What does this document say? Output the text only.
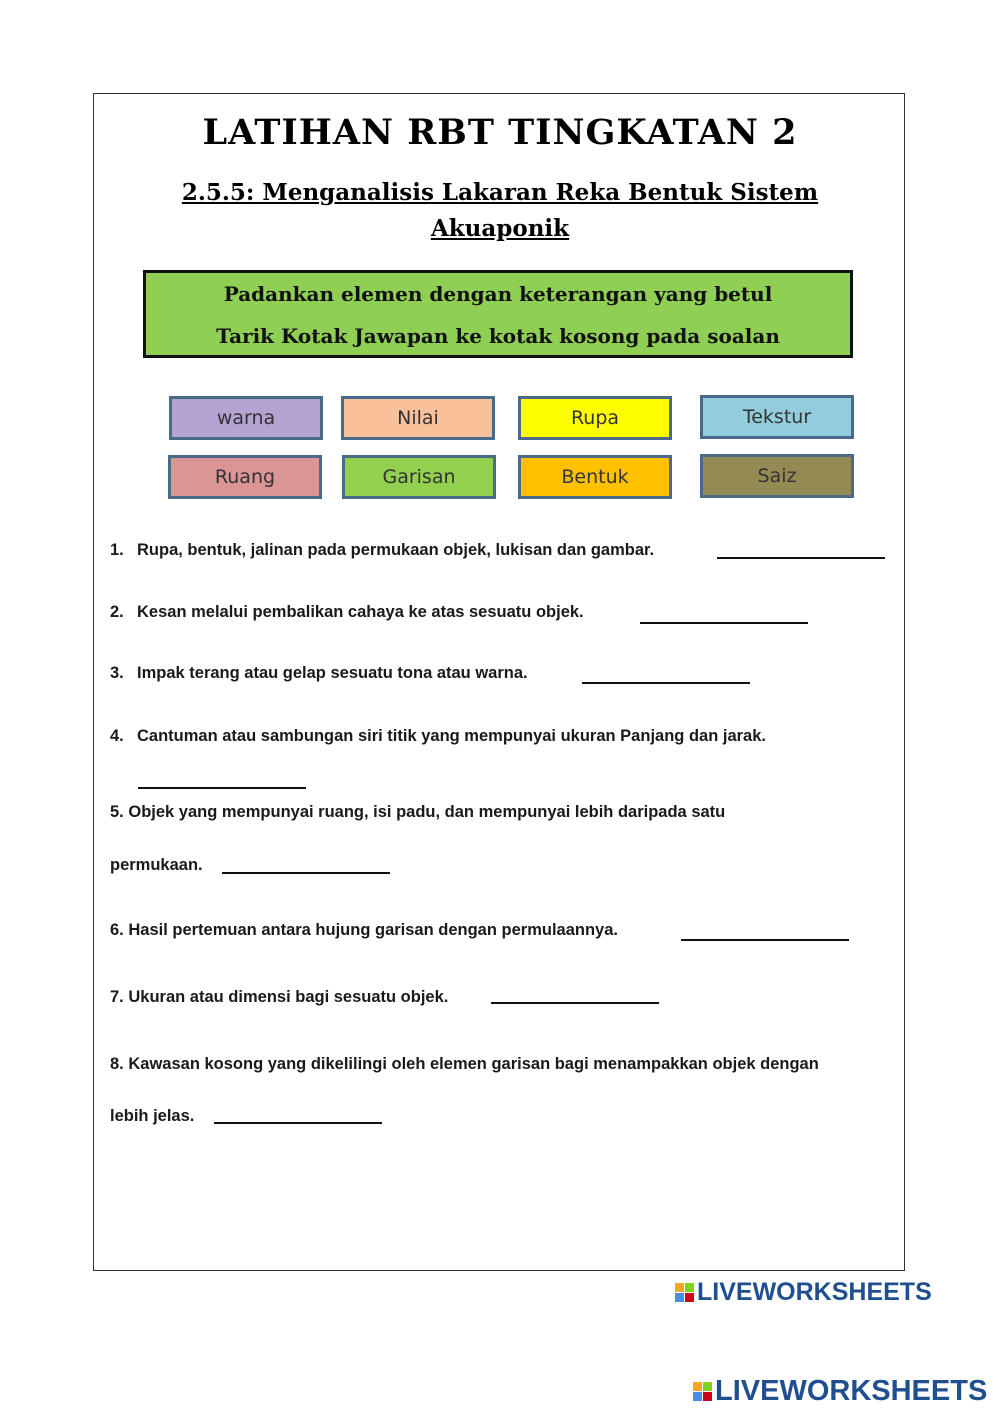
LATIHAN RBT TINGKATAN 2
2.5.5: Menganalisis Lakaran Reka Bentuk Sistem Akuaponik
Padankan elemen dengan keterangan yang betul
Tarik Kotak Jawapan ke kotak kosong pada soalan
warna	Nilai	Rupa	Tekstur
Ruang	Garisan	Bentuk	Saiz
1. Rupa, bentuk, jalinan pada permukaan objek, lukisan dan gambar.
2. Kesan melalui pembalikan cahaya ke atas sesuatu objek.
3. Impak terang atau gelap sesuatu tona atau warna.
4. Cantuman atau sambungan siri titik yang mempunyai ukuran Panjang dan jarak.
5. Objek yang mempunyai ruang, isi padu, dan mempunyai lebih daripada satu
permukaan.
6. Hasil pertemuan antara hujung garisan dengan permulaannya.
7. Ukuran atau dimensi bagi sesuatu objek.
8. Kawasan kosong yang dikelilingi oleh elemen garisan bagi menampakkan objek dengan
lebih jelas.
LIVEWORKSHEETS
LIVEWORKSHEETS
